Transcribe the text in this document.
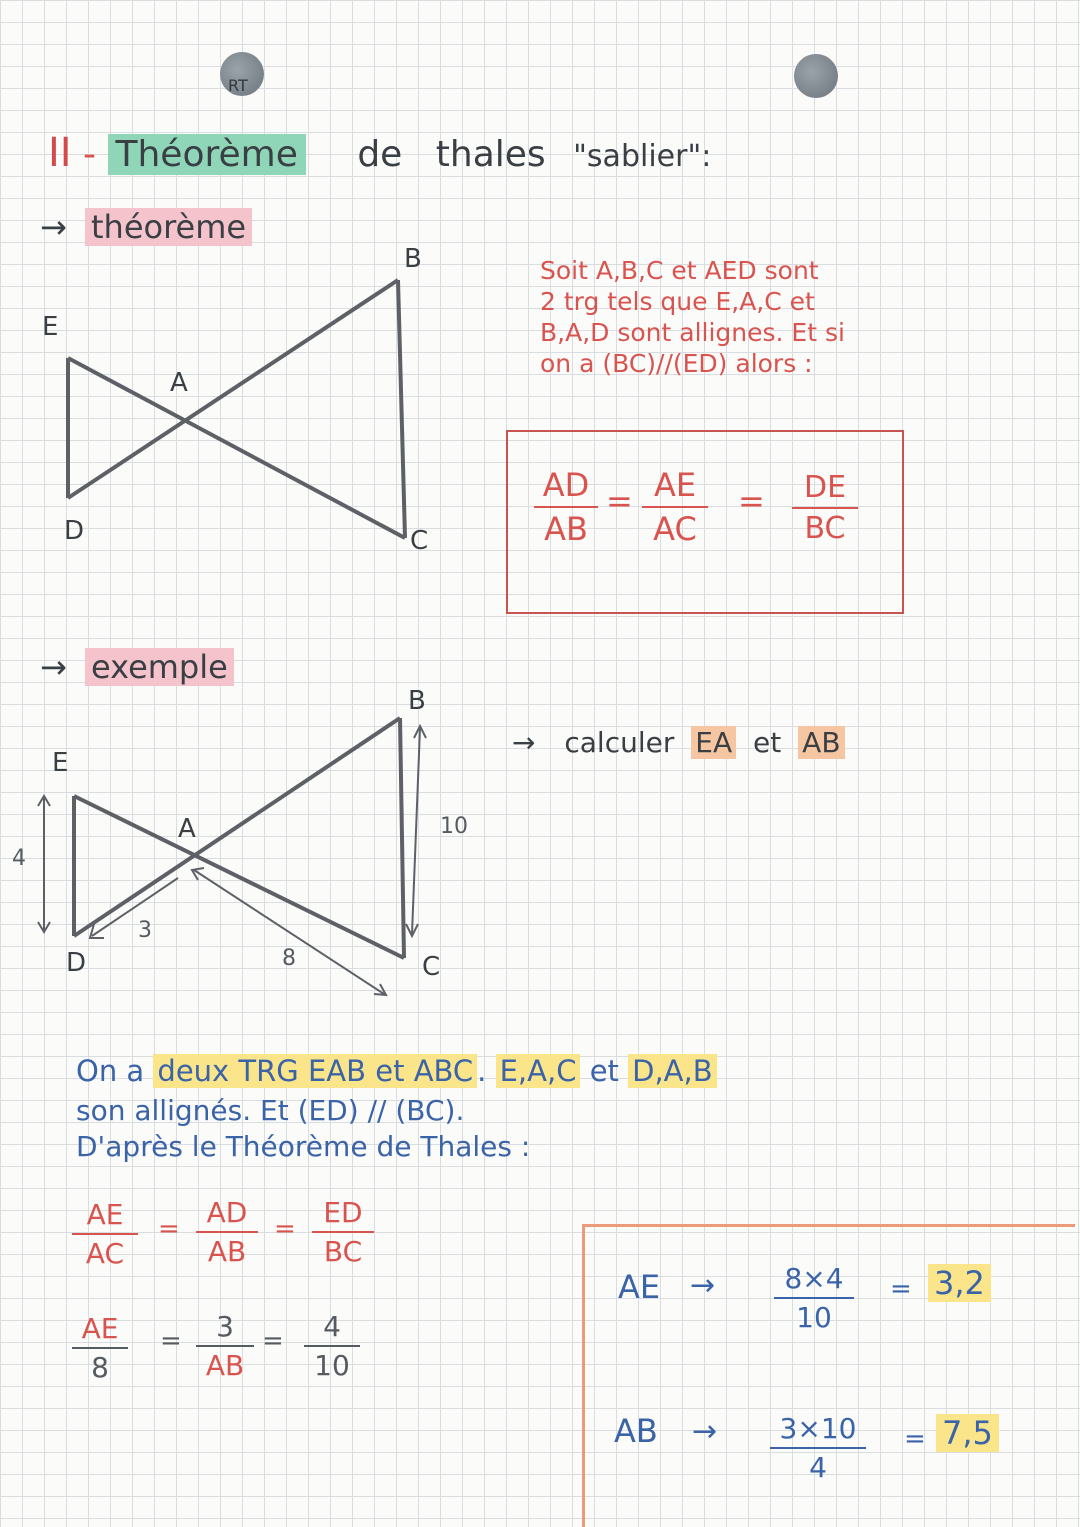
RT
II - Théorème de thales "sablier":
→ théorème
B
E
A
D	C
Soit A,B,C et AED sont
2 trg tels que E,A,C et
B,A,D sont allignes. Et si
on a (BC)//(ED) alors :
AD
AB
= AE
AC
=	DE
BC
→ exemple
B
E
A
D	C
4
3
8
10
→ calculer EA et AB
On a deux TRG EAB et ABC . E,A,C et D,A,B
son allignés. Et (ED) // (BC).
D'après le Théorème de Thales :
AE
AC
= AD
AB
= ED
BC
AE
8
=	3
AB
=	4
10
AE →	8×4
10
= 3,2
AB →	3×10
4
= 7,5
